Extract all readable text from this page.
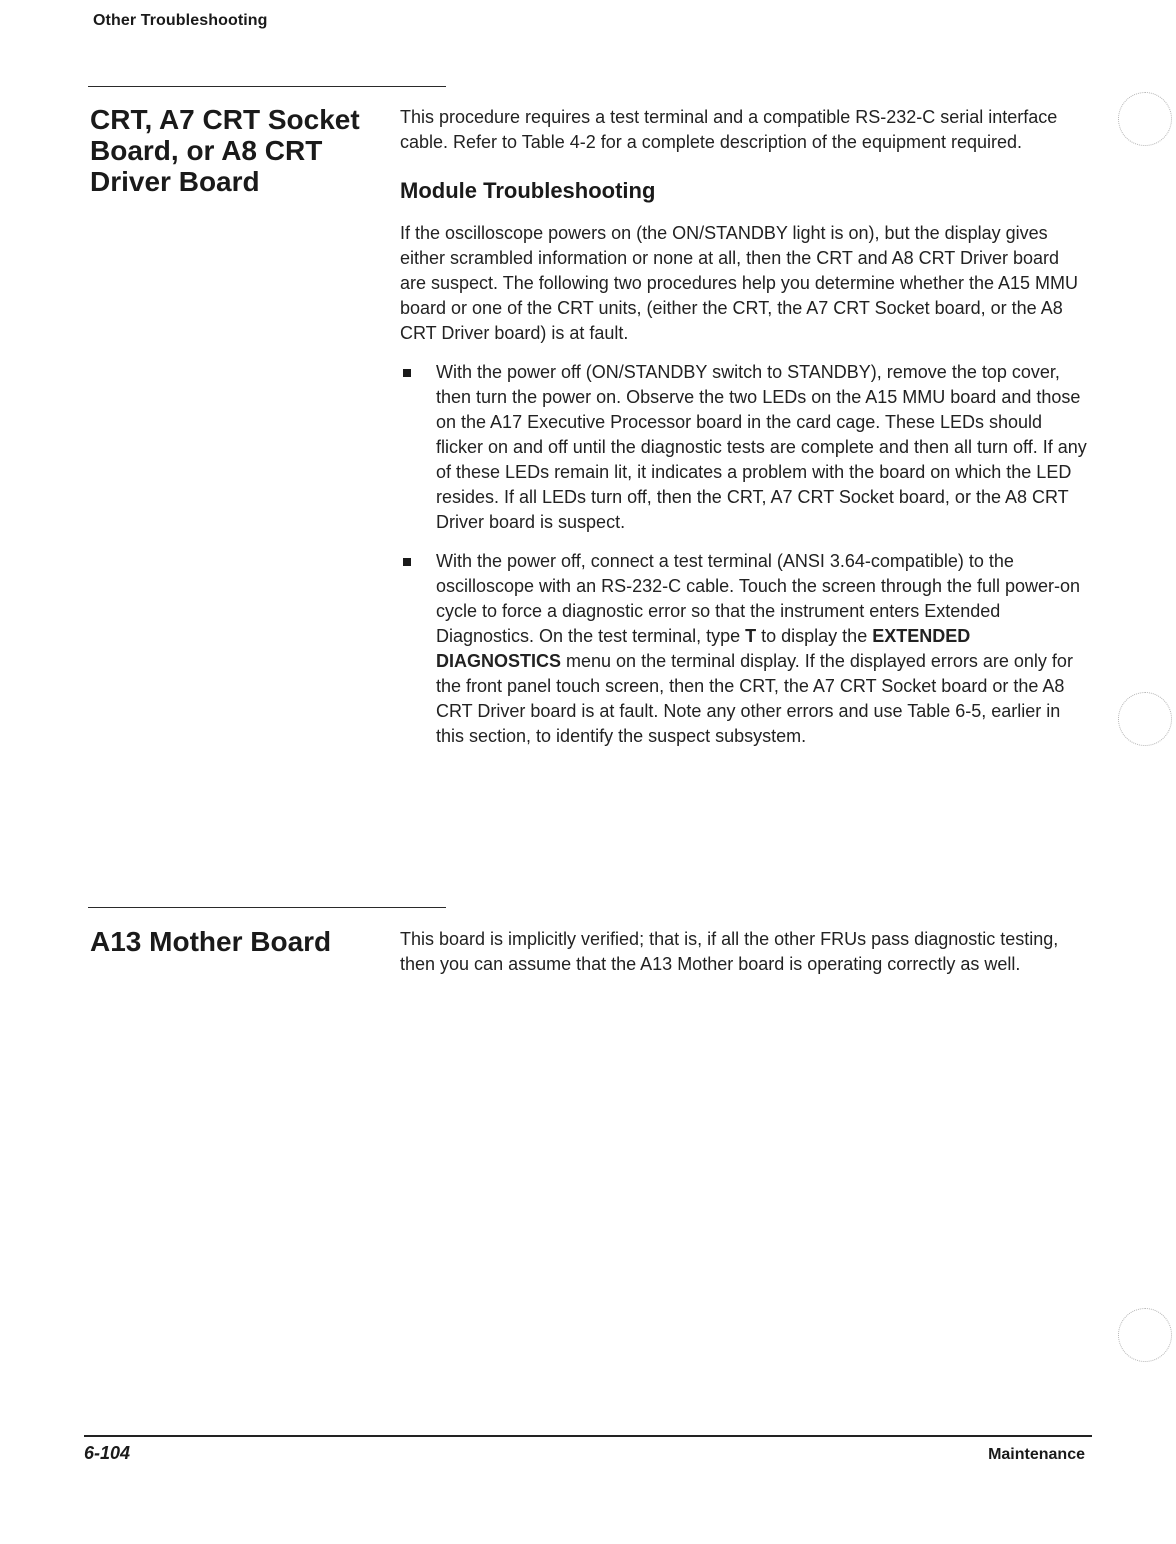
Other Troubleshooting
CRT, A7 CRT Socket Board, or A8 CRT Driver Board

This procedure requires a test terminal and a compatible RS-232-C serial interface cable. Refer to Table 4-2 for a complete description of the equipment required.

Module Troubleshooting

If the oscilloscope powers on (the ON/STANDBY light is on), but the display gives either scrambled information or none at all, then the CRT and A8 CRT Driver board are suspect. The following two procedures help you determine whether the A15 MMU board or one of the CRT units, (either the CRT, the A7 CRT Socket board, or the A8 CRT Driver board) is at fault.

With the power off (ON/STANDBY switch to STANDBY), remove the top cover, then turn the power on. Observe the two LEDs on the A15 MMU board and those on the A17 Executive Processor board in the card cage. These LEDs should flicker on and off until the diagnostic tests are complete and then all turn off. If any of these LEDs remain lit, it indicates a problem with the board on which the LED resides. If all LEDs turn off, then the CRT, A7 CRT Socket board, or the A8 CRT Driver board is suspect.
With the power off, connect a test terminal (ANSI 3.64-compatible) to the oscilloscope with an RS-232-C cable. Touch the screen through the full power-on cycle to force a diagnostic error so that the instrument enters Extended Diagnostics. On the test terminal, type T to display the EXTENDED DIAGNOSTICS menu on the terminal display. If the displayed errors are only for the front panel touch screen, then the CRT, the A7 CRT Socket board or the A8 CRT Driver board is at fault. Note any other errors and use Table 6-5, earlier in this section, to identify the suspect subsystem.
A13 Mother Board	This board is implicitly verified; that is, if all the other FRUs pass diagnostic testing, then you can assume that the A13 Mother board is operating correctly as well.

6-104	Maintenance
